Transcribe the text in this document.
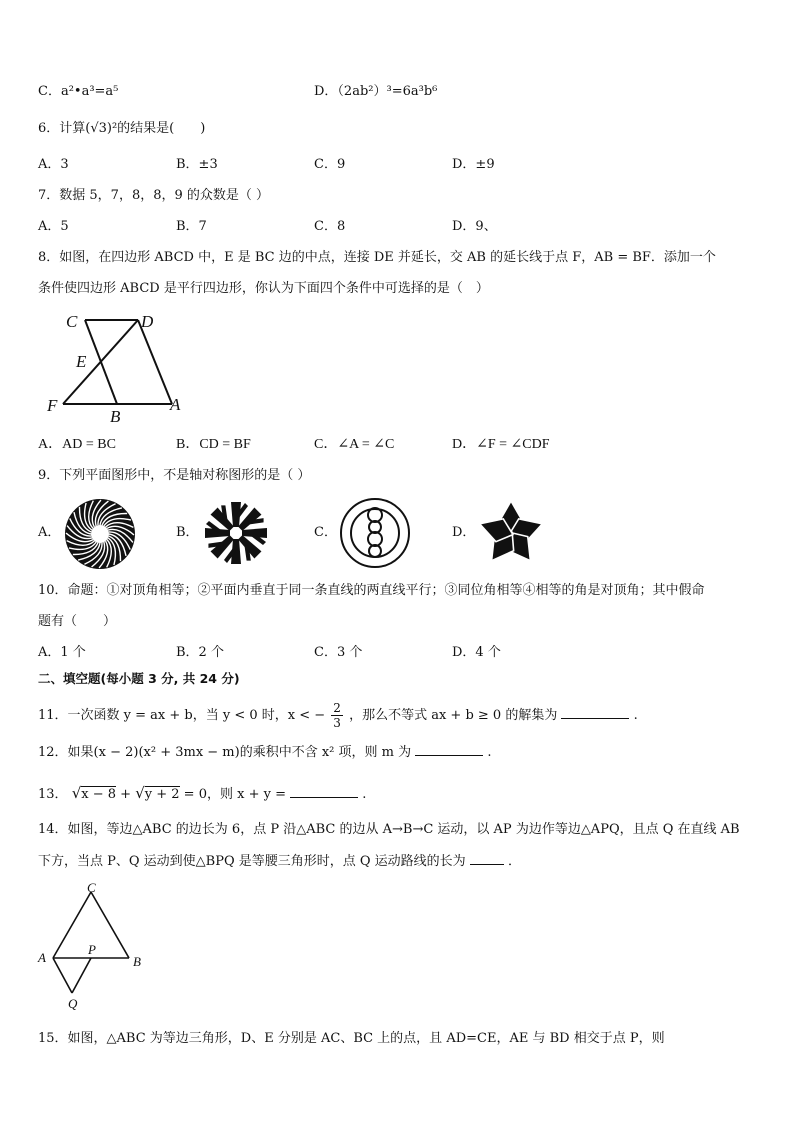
C．a²•a³=a⁵	D．（2ab²）³=6a³b⁶
6．计算(√3)²的结果是(　　)
A．3	B．±3	C．9	D．±9
7．数据 5，7，8，8，9 的众数是（ ）
A．5	B．7	C．8	D．9、
8．如图，在四边形 ABCD 中，E 是 BC 边的中点，连接 DE 并延长，交 AB 的延长线于点 F，AB = BF．添加一个
条件使四边形 ABCD 是平行四边形，你认为下面四个条件中可选择的是（　）
C	D
E
F
B
A
A．AD = BC	B．CD = BF	C．∠A = ∠C	D．∠F = ∠CDF
9．下列平面图形中，不是轴对称图形的是（ ）
A．	B．	C．	D．
10．命题：①对顶角相等；②平面内垂直于同一条直线的两直线平行；③同位角相等④相等的角是对顶角；其中假命
题有（　　）
A．1 个	B．2 个	C．3 个	D．4 个
二、填空题(每小题 3 分, 共 24 分)
11．一次函数 y = ax + b，当 y < 0 时，x < − $\frac{2}{3}$ ，那么不等式 ax + b ≥ 0 的解集为	.
12．如果(x − 2)(x² + 3mx − m)的乘积中不含 x² 项，则 m 为	.
13． √x − 8 + √y + 2 = 0，则 x + y =	.
14．如图，等边△ABC 的边长为 6，点 P 沿△ABC 的边从 A→B→C 运动，以 AP 为边作等边△APQ，且点 Q 在直线 AB
下方，当点 P、Q 运动到使△BPQ 是等腰三角形时，点 Q 运动路线的长为	．
C
A
P
B
Q
15．如图，△ABC 为等边三角形，D、E 分别是 AC、BC 上的点，且 AD=CE，AE 与 BD 相交于点 P，则
